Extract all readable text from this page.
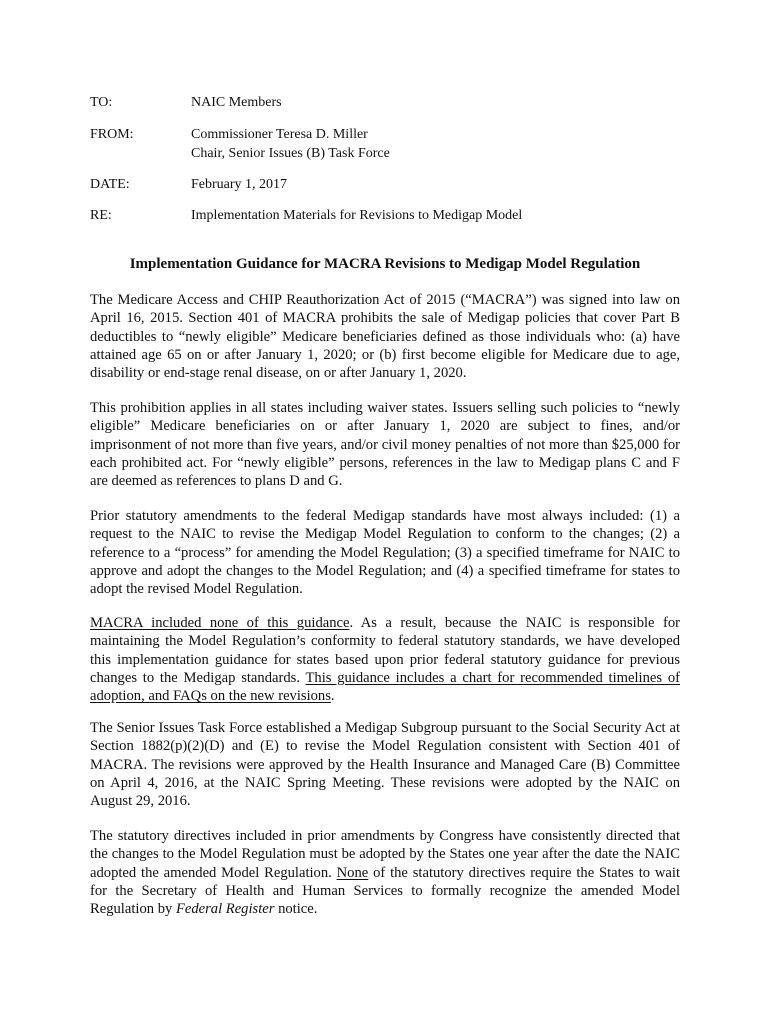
TO:	NAIC Members
FROM:	Commissioner Teresa D. Miller
Chair, Senior Issues (B) Task Force
DATE:	February 1, 2017
RE:	Implementation Materials for Revisions to Medigap Model
Implementation Guidance for MACRA Revisions to Medigap Model Regulation

The Medicare Access and CHIP Reauthorization Act of 2015 (“MACRA”) was signed into law on April 16, 2015. Section 401 of MACRA prohibits the sale of Medigap policies that cover Part B deductibles to “newly eligible” Medicare beneficiaries defined as those individuals who: (a) have attained age 65 on or after January 1, 2020; or (b) first become eligible for Medicare due to age, disability or end-stage renal disease, on or after January 1, 2020.

This prohibition applies in all states including waiver states. Issuers selling such policies to “newly eligible” Medicare beneficiaries on or after January 1, 2020 are subject to fines, and/or imprisonment of not more than five years, and/or civil money penalties of not more than $25,000 for each prohibited act. For “newly eligible” persons, references in the law to Medigap plans C and F are deemed as references to plans D and G.

Prior statutory amendments to the federal Medigap standards have most always included: (1) a request to the NAIC to revise the Medigap Model Regulation to conform to the changes; (2) a reference to a “process” for amending the Model Regulation; (3) a specified timeframe for NAIC to approve and adopt the changes to the Model Regulation; and (4) a specified timeframe for states to adopt the revised Model Regulation.

MACRA included none of this guidance. As a result, because the NAIC is responsible for maintaining the Model Regulation’s conformity to federal statutory standards, we have developed this implementation guidance for states based upon prior federal statutory guidance for previous changes to the Medigap standards. This guidance includes a chart for recommended timelines of adoption, and FAQs on the new revisions.

The Senior Issues Task Force established a Medigap Subgroup pursuant to the Social Security Act at Section 1882(p)(2)(D) and (E) to revise the Model Regulation consistent with Section 401 of MACRA. The revisions were approved by the Health Insurance and Managed Care (B) Committee on April 4, 2016, at the NAIC Spring Meeting. These revisions were adopted by the NAIC on August 29, 2016.

The statutory directives included in prior amendments by Congress have consistently directed that the changes to the Model Regulation must be adopted by the States one year after the date the NAIC adopted the amended Model Regulation. None of the statutory directives require the States to wait for the Secretary of Health and Human Services to formally recognize the amended Model Regulation by Federal Register notice.
